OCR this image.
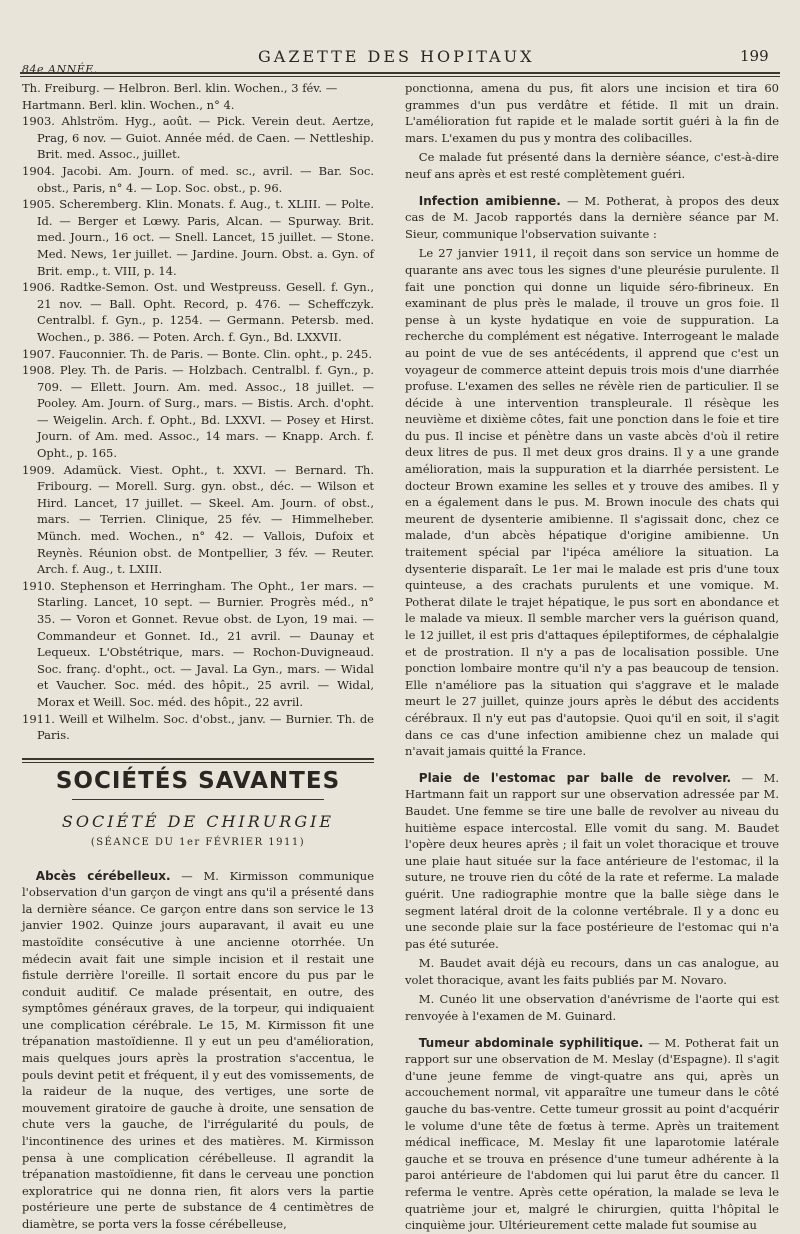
84e ANNÉE.
GAZETTE DES HOPITAUX	199

Th. Freiburg. — Helbron. Berl. klin. Wochen., 3 fév. —

Hartmann. Berl. klin. Wochen., n° 4.

1903. Ahlström. Hyg., août. — Pick. Verein deut. Aertze, Prag, 6 nov. — Guiot. Année méd. de Caen. — Nettleship. Brit. med. Assoc., juillet.

1904. Jacobi. Am. Journ. of med. sc., avril. — Bar. Soc. obst., Paris, n° 4. — Lop. Soc. obst., p. 96.

1905. Scheremberg. Klin. Monats. f. Aug., t. XLIII. — Polte. Id. — Berger et Lœwy. Paris, Alcan. — Spurway. Brit. med. Journ., 16 oct. — Snell. Lancet, 15 juillet. — Stone. Med. News, 1er juillet. — Jardine. Journ. Obst. a. Gyn. of Brit. emp., t. VIII, p. 14.

1906. Radtke-Semon. Ost. und Westpreuss. Gesell. f. Gyn., 21 nov. — Ball. Opht. Record, p. 476. — Scheffczyk. Centralbl. f. Gyn., p. 1254. — Germann. Petersb. med. Wochen., p. 386. — Poten. Arch. f. Gyn., Bd. LXXVII.

1907. Fauconnier. Th. de Paris. — Bonte. Clin. opht., p. 245.

1908. Pley. Th. de Paris. — Holzbach. Centralbl. f. Gyn., p. 709. — Ellett. Journ. Am. med. Assoc., 18 juillet. — Pooley. Am. Journ. of Surg., mars. — Bistis. Arch. d'opht. — Weigelin. Arch. f. Opht., Bd. LXXVI. — Posey et Hirst. Journ. of Am. med. Assoc., 14 mars. — Knapp. Arch. f. Opht., p. 165.

1909. Adamück. Viest. Opht., t. XXVI. — Bernard. Th. Fribourg. — Morell. Surg. gyn. obst., déc. — Wilson et Hird. Lancet, 17 juillet. — Skeel. Am. Journ. of obst., mars. — Terrien. Clinique, 25 fév. — Himmelheber. Münch. med. Wochen., n° 42. — Vallois, Dufoix et Reynès. Réunion obst. de Montpellier, 3 fév. — Reuter. Arch. f. Aug., t. LXIII.

1910. Stephenson et Herringham. The Opht., 1er mars. — Starling. Lancet, 10 sept. — Burnier. Progrès méd., n° 35. — Voron et Gonnet. Revue obst. de Lyon, 19 mai. — Commandeur et Gonnet. Id., 21 avril. — Daunay et Lequeux. L'Obstétrique, mars. — Rochon-Duvigneaud. Soc. franç. d'opht., oct. — Javal. La Gyn., mars. — Widal et Vaucher. Soc. méd. des hôpit., 25 avril. — Widal, Morax et Weill. Soc. méd. des hôpit., 22 avril.

1911. Weill et Wilhelm. Soc. d'obst., janv. — Burnier. Th. de Paris.

SOCIÉTÉS SAVANTES
SOCIÉTÉ DE CHIRURGIE
(SÉANCE DU 1er FÉVRIER 1911)

Abcès cérébelleux. — M. Kirmisson communique l'observation d'un garçon de vingt ans qu'il a présenté dans la dernière séance. Ce garçon entre dans son service le 13 janvier 1902. Quinze jours auparavant, il avait eu une mastoïdite consécutive à une ancienne otorrhée. Un médecin avait fait une simple incision et il restait une fistule derrière l'oreille. Il sortait encore du pus par le conduit auditif. Ce malade présentait, en outre, des symptômes généraux graves, de la torpeur, qui indiquaient une complication cérébrale. Le 15, M. Kirmisson fit une trépanation mastoïdienne. Il y eut un peu d'amélioration, mais quelques jours après la prostration s'accentua, le pouls devint petit et fréquent, il y eut des vomissements, de la raideur de la nuque, des vertiges, une sorte de mouvement giratoire de gauche à droite, une sensation de chute vers la gauche, de l'irrégularité du pouls, de l'incontinence des urines et des matières. M. Kirmisson pensa à une complication cérébelleuse. Il agrandit la trépanation mastoïdienne, fit dans le cerveau une ponction exploratrice qui ne donna rien, fit alors vers la partie postérieure une perte de substance de 4 centimètres de diamètre, se porta vers la fosse cérébelleuse,

ponctionna, amena du pus, fit alors une incision et tira 60 grammes d'un pus verdâtre et fétide. Il mit un drain. L'amélioration fut rapide et le malade sortit guéri à la fin de mars. L'examen du pus y montra des colibacilles.

Ce malade fut présenté dans la dernière séance, c'est-à-dire neuf ans après et est resté complètement guéri.

Infection amibienne. — M. Potherat, à propos des deux cas de M. Jacob rapportés dans la dernière séance par M. Sieur, communique l'observation suivante :

Le 27 janvier 1911, il reçoit dans son service un homme de quarante ans avec tous les signes d'une pleurésie purulente. Il fait une ponction qui donne un liquide séro-fibrineux. En examinant de plus près le malade, il trouve un gros foie. Il pense à un kyste hydatique en voie de suppuration. La recherche du complément est négative. Interrogeant le malade au point de vue de ses antécédents, il apprend que c'est un voyageur de commerce atteint depuis trois mois d'une diarrhée profuse. L'examen des selles ne révèle rien de particulier. Il se décide à une intervention transpleurale. Il résèque les neuvième et dixième côtes, fait une ponction dans le foie et tire du pus. Il incise et pénètre dans un vaste abcès d'où il retire deux litres de pus. Il met deux gros drains. Il y a une grande amélioration, mais la suppuration et la diarrhée persistent. Le docteur Brown examine les selles et y trouve des amibes. Il y en a également dans le pus. M. Brown inocule des chats qui meurent de dysenterie amibienne. Il s'agissait donc, chez ce malade, d'un abcès hépatique d'origine amibienne. Un traitement spécial par l'ipéca améliore la situation. La dysenterie disparaît. Le 1er mai le malade est pris d'une toux quinteuse, a des crachats purulents et une vomique. M. Potherat dilate le trajet hépatique, le pus sort en abondance et le malade va mieux. Il semble marcher vers la guérison quand, le 12 juillet, il est pris d'attaques épileptiformes, de céphalalgie et de prostration. Il n'y a pas de localisation possible. Une ponction lombaire montre qu'il n'y a pas beaucoup de tension. Elle n'améliore pas la situation qui s'aggrave et le malade meurt le 27 juillet, quinze jours après le début des accidents cérébraux. Il n'y eut pas d'autopsie. Quoi qu'il en soit, il s'agit dans ce cas d'une infection amibienne chez un malade qui n'avait jamais quitté la France.

Plaie de l'estomac par balle de revolver. — M. Hartmann fait un rapport sur une observation adressée par M. Baudet. Une femme se tire une balle de revolver au niveau du huitième espace intercostal. Elle vomit du sang. M. Baudet l'opère deux heures après ; il fait un volet thoracique et trouve une plaie haut située sur la face antérieure de l'estomac, il la suture, ne trouve rien du côté de la rate et referme. La malade guérit. Une radiographie montre que la balle siège dans le segment latéral droit de la colonne vertébrale. Il y a donc eu une seconde plaie sur la face postérieure de l'estomac qui n'a pas été suturée.

M. Baudet avait déjà eu recours, dans un cas analogue, au volet thoracique, avant les faits publiés par M. Novaro.

M. Cunéo lit une observation d'anévrisme de l'aorte qui est renvoyée à l'examen de M. Guinard.

Tumeur abdominale syphilitique. — M. Potherat fait un rapport sur une observation de M. Meslay (d'Espagne). Il s'agit d'une jeune femme de vingt-quatre ans qui, après un accouchement normal, vit apparaître une tumeur dans le côté gauche du bas-ventre. Cette tumeur grossit au point d'acquérir le volume d'une tête de fœtus à terme. Après un traitement médical inefficace, M. Meslay fit une laparotomie latérale gauche et se trouva en présence d'une tumeur adhérente à la paroi antérieure de l'abdomen qui lui parut être du cancer. Il referma le ventre. Après cette opération, la malade se leva le quatrième jour et, malgré le chirurgien, quitta l'hôpital le cinquième jour. Ultérieurement cette malade fut soumise au
